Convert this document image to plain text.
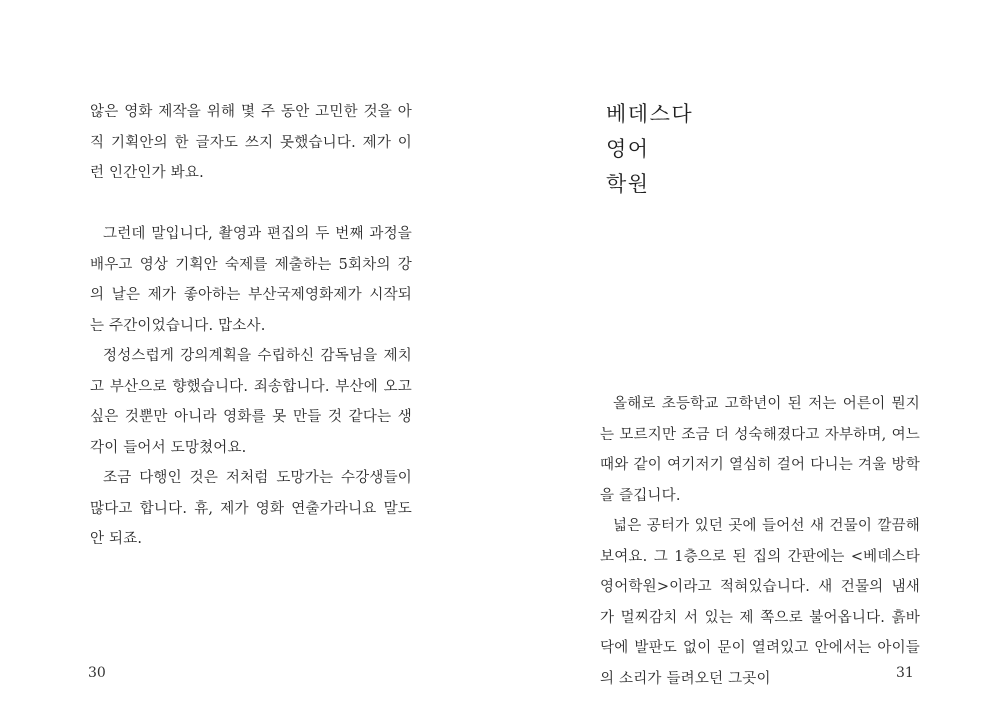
않은 영화 제작을 위해 몇 주 동안 고민한 것을 아직 기획안의 한 글자도 쓰지 못했습니다. 제가 이런 인간인가 봐요.

그런데 말입니다, 촬영과 편집의 두 번째 과정을 배우고 영상 기획안 숙제를 제출하는 5회차의 강의 날은 제가 좋아하는 부산국제영화제가 시작되는 주간이었습니다. 맙소사.

정성스럽게 강의계획을 수립하신 감독님을 제치고 부산으로 향했습니다. 죄송합니다. 부산에 오고 싶은 것뿐만 아니라 영화를 못 만들 것 같다는 생각이 들어서 도망쳤어요.

조금 다행인 것은 저처럼 도망가는 수강생들이 많다고 합니다. 휴, 제가 영화 연출가라니요 말도 안 되죠.

30
베데스다
영어
학원

올해로 초등학교 고학년이 된 저는 어른이 뭔지는 모르지만 조금 더 성숙해졌다고 자부하며, 여느 때와 같이 여기저기 열심히 걸어 다니는 겨울 방학을 즐깁니다.

넓은 공터가 있던 곳에 들어선 새 건물이 깔끔해 보여요. 그 1층으로 된 집의 간판에는 <베데스타 영어학원>이라고 적혀있습니다. 새 건물의 냄새가 멀찌감치 서 있는 제 쪽으로 불어옵니다. 흙바닥에 발판도 없이 문이 열려있고 안에서는 아이들의 소리가 들려오던 그곳이	31
